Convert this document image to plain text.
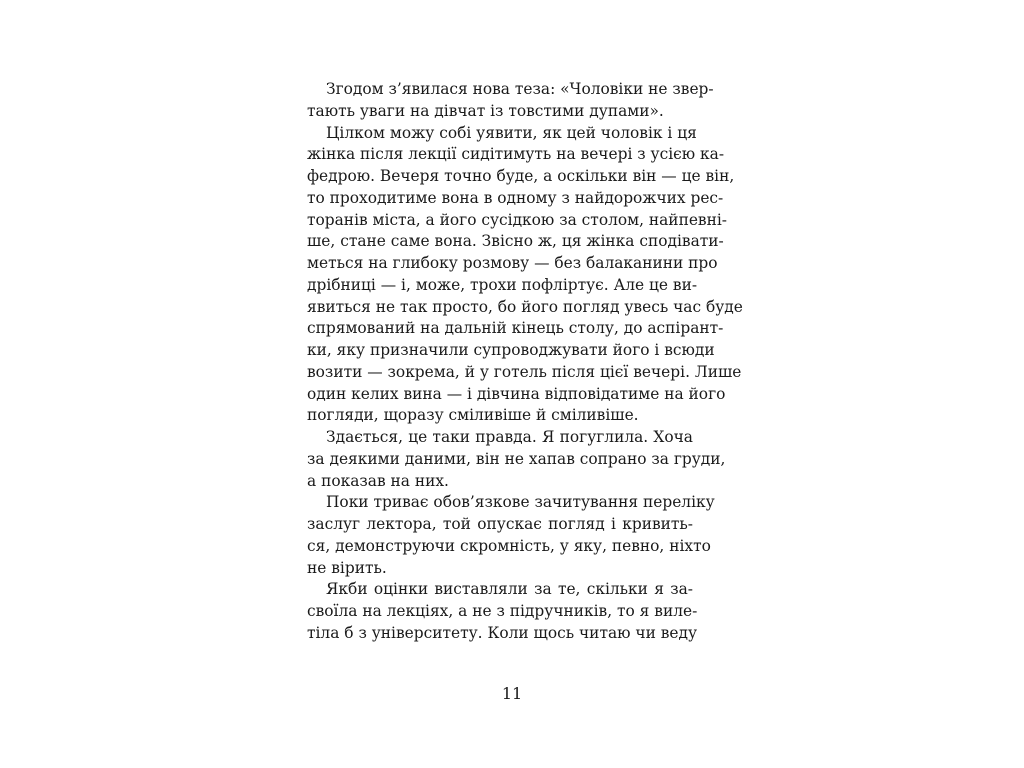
Згодом з’явилася нова теза: «Чоловіки не звер-
тають уваги на дівчат із товстими дупами».
Цілком можу собі уявити, як цей чоловік і ця
жінка після лекції сидітимуть на вечері з усією ка-
федрою. Вечеря точно буде, а оскільки він — це він,
то проходитиме вона в одному з найдорожчих рес-
торанів міста, а його сусідкою за столом, найпевні-
ше, стане саме вона. Звісно ж, ця жінка сподівати-
меться на глибоку розмову — без балаканини про
дрібниці — і, може, трохи пофліртує. Але це ви-
явиться не так просто, бо його погляд увесь час буде
спрямований на дальній кінець столу, до аспірант-
ки, яку призначили супроводжувати його і всюди
возити — зокрема, й у готель після цієї вечері. Лише
один келих вина — і дівчина відповідатиме на його
погляди, щоразу сміливіше й сміливіше.
Здається, це таки правда. Я погуглила. Хоча
за деякими даними, він не хапав сопрано за груди,
а показав на них.
Поки триває обов’язкове зачитування переліку
заслуг лектора, той опускає погляд і кривить-
ся, демонструючи скромність, у яку, певно, ніхто
не вірить.
Якби оцінки виставляли за те, скільки я за-
своїла на лекціях, а не з підручників, то я виле-
тіла б з університету. Коли щось читаю чи веду
11
